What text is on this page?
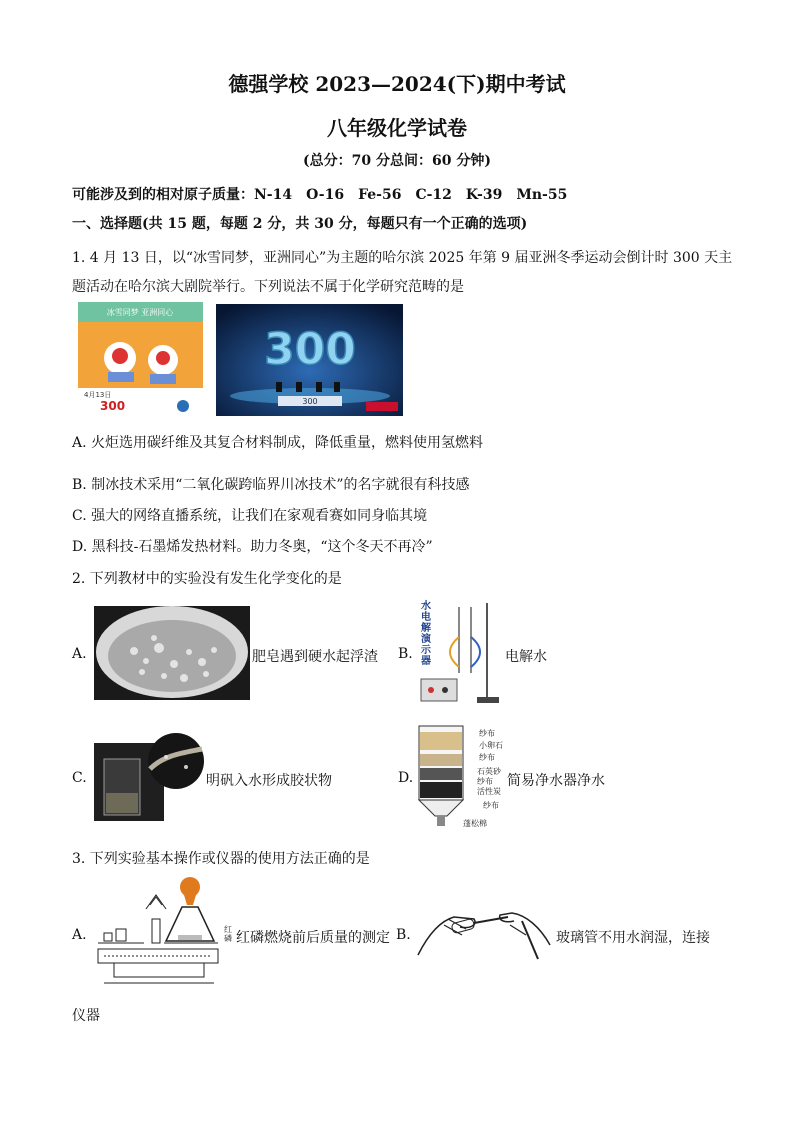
德强学校 2023—2024(下)期中考试
八年级化学试卷
(总分：70 分总间：60 分钟)
可能涉及到的相对原子质量：N-14　O-16　Fe-56　C-12　K-39　Mn-55
一、选择题(共 15 题，每题 2 分，共 30 分，每题只有一个正确的选项)
1. 4 月 13 日，以“冰雪同梦，亚洲同心”为主题的哈尔滨 2025 年第 9 届亚洲冬季运动会倒计时 300 天主
题活动在哈尔滨大剧院举行。下列说法不属于化学研究范畴的是
冰雪同梦 亚洲同心
4月13日
300
300
300
A. 火炬选用碳纤维及其复合材料制成，降低重量，燃料使用氢燃料
B. 制冰技术采用“二氧化碳跨临界川冰技术”的名字就很有科技感
C. 强大的网络直播系统，让我们在家观看赛如同身临其境
D. 黑科技-石墨烯发热材料。助力冬奥，“这个冬天不再冷”
2. 下列教材中的实验没有发生化学变化的是
A.	肥皂遇到硬水起浮渣 B.
水电解演示器	电解水
C.	明矾入水形成胶状物	D.
纱布
小卵石
纱布
石英砂
纱布
活性炭
纱布
蓬松棉
简易净水器净水
3. 下列实验基本操作或仪器的使用方法正确的是
A.	红磷 红磷燃烧前后质量的测定 B.	玻璃管不用水润湿，连接
仪器
